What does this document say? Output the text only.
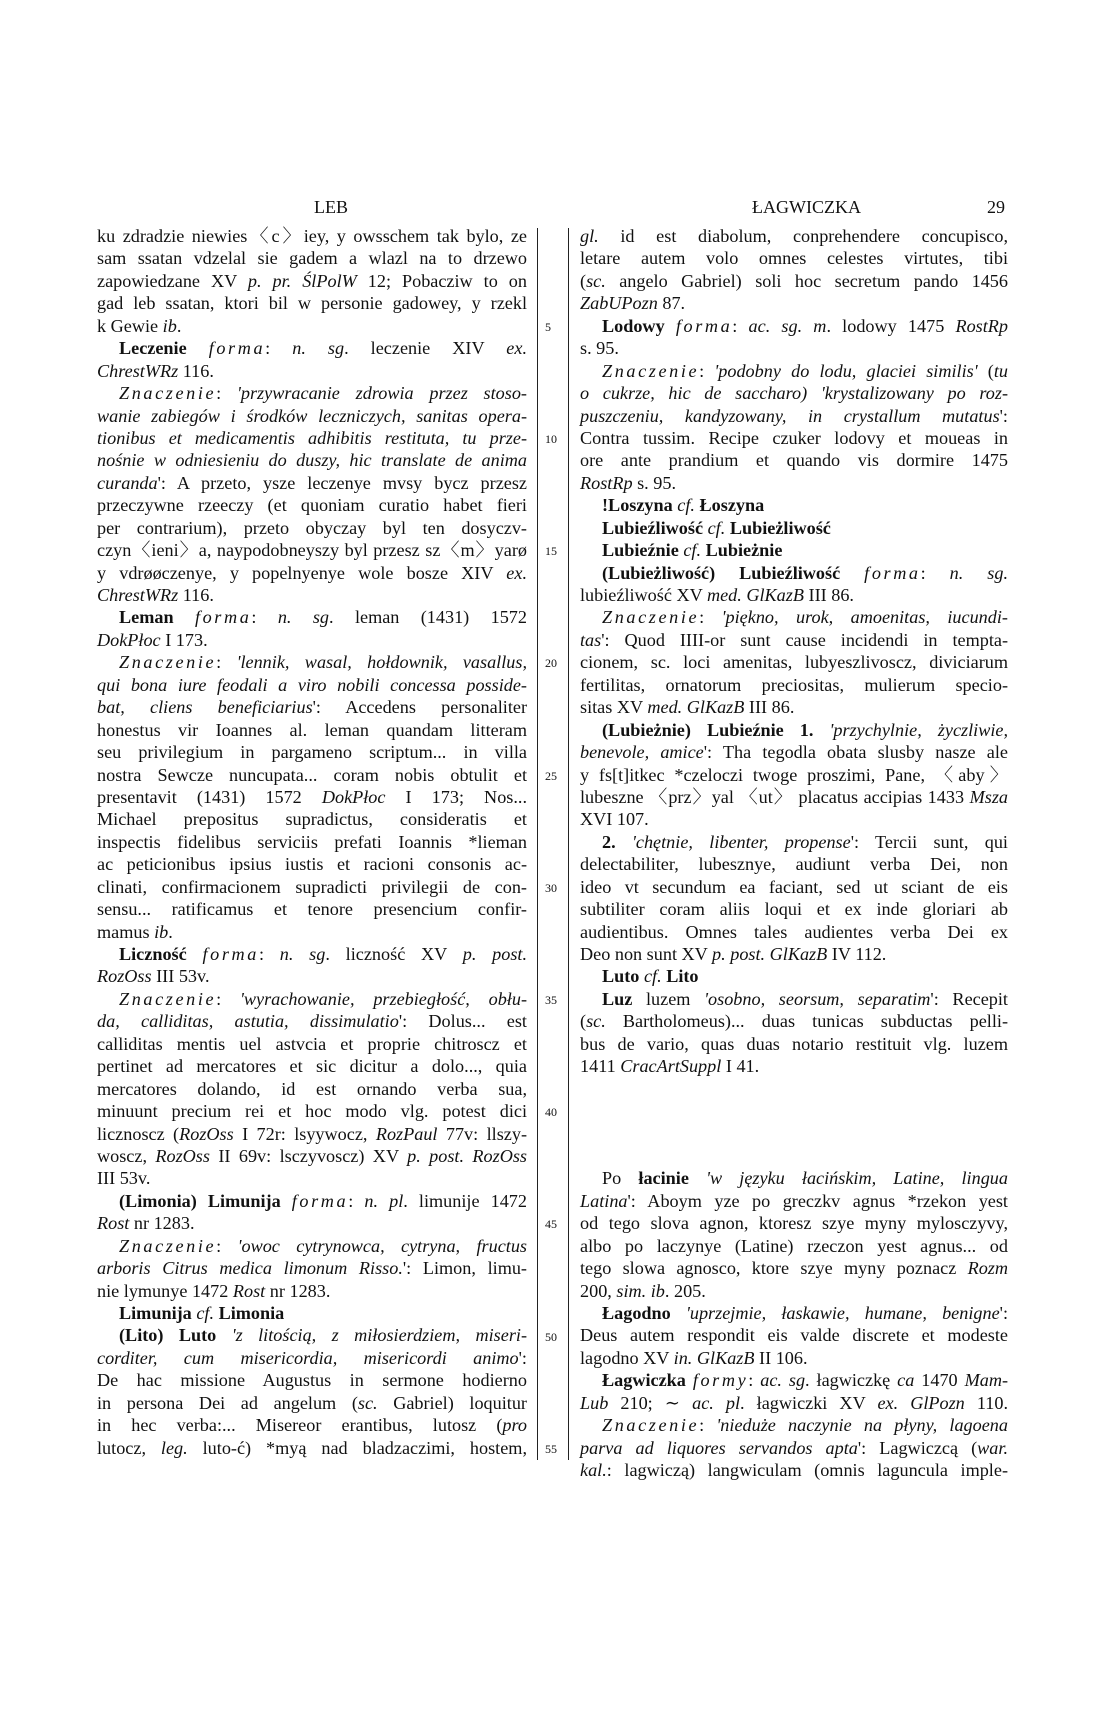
LEB	ŁAGWICZKA	29
ku zdradzie niewies〈c〉iey, y owsschem tak bylo, ze
sam ssatan vdzelal sie gadem a wlazl na to drzewo
zapowiedzane XV p. pr. ŚlPolW 12; Pobacziw to on
gad leb ssatan, ktori bil w personie gadowey, y rzekl
k Gewie ib.
Leczenie forma: n. sg. leczenie XIV ex.
ChrestWRz 116.
Znaczenie: 'przywracanie zdrowia przez stoso-
wanie zabiegów i środków leczniczych, sanitas opera-
tionibus et medicamentis adhibitis restituta, tu prze-
nośnie w odniesieniu do duszy, hic translate de anima
curanda': A przeto, ysze leczenye mvsy bycz przesz
przeczywne rzeeczy (et quoniam curatio habet fieri
per contrarium), przeto obyczay byl ten dosyczv-
czyn〈ieni〉a, naypodobneyszy byl przesz sz〈m〉yarø
y vdrøøczenye, y popelnyenye wole bosze XIV ex.
ChrestWRz 116.
Leman forma: n. sg. leman (1431) 1572
DokPłoc I 173.
Znaczenie: 'lennik, wasal, hołdownik, vasallus,
qui bona iure feodali a viro nobili concessa posside-
bat, cliens beneficiarius': Accedens personaliter
honestus vir Ioannes al. leman quandam litteram
seu privilegium in pargameno scriptum... in villa
nostra Sewcze nuncupata... coram nobis obtulit et
presentavit (1431) 1572 DokPłoc I 173; Nos...
Michael prepositus supradictus, consideratis et
inspectis fidelibus serviciis prefati Ioannis *lieman
ac peticionibus ipsius iustis et racioni consonis ac-
clinati, confirmacionem supradicti privilegii de con-
sensu... ratificamus et tenore presencium confir-
mamus ib.
Liczność forma: n. sg. liczność XV p. post.
RozOss III 53v.
Znaczenie: 'wyrachowanie, przebiegłość, obłu-
da, calliditas, astutia, dissimulatio': Dolus... est
calliditas mentis uel astvcia et proprie chitroscz et
pertinet ad mercatores et sic dicitur a dolo..., quia
mercatores dolando, id est ornando verba sua,
minuunt precium rei et hoc modo vlg. potest dici
licznoscz (RozOss I 72r: lsyywocz, RozPaul 77v: llszy-
woscz, RozOss II 69v: lsczyvoscz) XV p. post. RozOss
III 53v.
(Limonia) Limunija forma: n. pl. limunije 1472
Rost nr 1283.
Znaczenie: 'owoc cytrynowca, cytryna, fructus
arboris Citrus medica limonum Risso.': Limon, limu-
nie lymunye 1472 Rost nr 1283.
Limunija cf. Limonia
(Lito) Luto 'z litością, z miłosierdziem, miseri-
corditer, cum misericordia, misericordi animo':
De hac missione Augustus in sermone hodierno
in persona Dei ad angelum (sc. Gabriel) loquitur
in hec verba:... Misereor erantibus, lutosz (pro
lutocz, leg. luto-ć) *myą nad bladzaczimi, hostem,
5
10
15
20
25
30
35
40
45
50
55
gl. id est diabolum, conprehendere concupisco,
letare autem volo omnes celestes virtutes, tibi
(sc. angelo Gabriel) soli hoc secretum pando 1456
ZabUPozn 87.
Lodowy forma: ac. sg. m. lodowy 1475 RostRp
s. 95.
Znaczenie: 'podobny do lodu, glaciei similis' (tu
o cukrze, hic de saccharo) 'krystalizowany po roz-
puszczeniu, kandyzowany, in crystallum mutatus':
Contra tussim. Recipe czuker lodovy et moueas in
ore ante prandium et quando vis dormire 1475
RostRp s. 95.
!Loszyna cf. Łoszyna
Lubieźliwość cf. Lubieżliwość
Lubieźnie cf. Lubieżnie
(Lubieżliwość) Lubieźliwość forma: n. sg.
lubieźliwość XV med. GlKazB III 86.
Znaczenie: 'piękno, urok, amoenitas, iucundi-
tas': Quod IIII-or sunt cause incidendi in tempta-
cionem, sc. loci amenitas, lubyeszlivoscz, diviciarum
fertilitas, ornatorum preciositas, mulierum specio-
sitas XV med. GlKazB III 86.
(Lubieżnie) Lubieźnie 1. 'przychylnie, życzliwie,
benevole, amice': Tha tegodla obata slusby nasze ale
y fs[t]itkec *czeloczi twoge proszimi, Pane, 〈aby〉
lubeszne 〈prz〉yal 〈ut〉 placatus accipias 1433 Msza
XVI 107.
2. 'chętnie, libenter, propense': Tercii sunt, qui
delectabiliter, lubesznye, audiunt verba Dei, non
ideo vt secundum ea faciant, sed ut sciant de eis
subtiliter coram aliis loqui et ex inde gloriari ab
audientibus. Omnes tales audientes verba Dei ex
Deo non sunt XV p. post. GlKazB IV 112.
Luto cf. Lito
Luz luzem 'osobno, seorsum, separatim': Recepit
(sc. Bartholomeus)... duas tunicas subductas pelli-
bus de vario, quas duas notario restituit vlg. luzem
1411 CracArtSuppl I 41.

Po łacinie 'w języku łacińskim, Latine, lingua
Latina': Aboym yze po greczkv agnus *rzekon yest
od tego slova agnon, ktoresz szye myny mylosczyvy,
albo po laczynye (Latine) rzeczon yest agnus... od
tego slowa agnosco, ktore szye myny poznacz Rozm
200, sim. ib. 205.
Łagodno 'uprzejmie, łaskawie, humane, benigne':
Deus autem respondit eis valde discrete et modeste
lagodno XV in. GlKazB II 106.
Łagwiczka formy: ac. sg. łagwiczkę ca 1470 Mam-
Lub 210; ∼ ac. pl. łagwiczki XV ex. GlPozn 110.
Znaczenie: 'nieduże naczynie na płyny, lagoena
parva ad liquores servandos apta': Lagwiczcą (war.
kal.: lagwiczą) langwiculam (omnis laguncula imple-
